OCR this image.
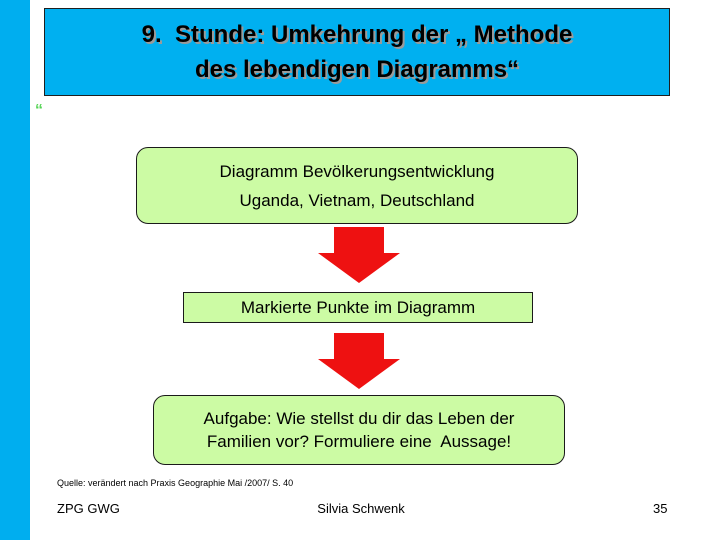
9.  Stunde: Umkehrung der „ Methode
des lebendigen Diagramms“
“
Diagramm Bevölkerungsentwicklung
Uganda, Vietnam, Deutschland
Markierte Punkte im Diagramm
Aufgabe: Wie stellst du dir das Leben der
Familien vor? Formuliere eine  Aussage!
Quelle: verändert nach Praxis Geographie Mai /2007/ S. 40
ZPG GWG	Silvia Schwenk	35
